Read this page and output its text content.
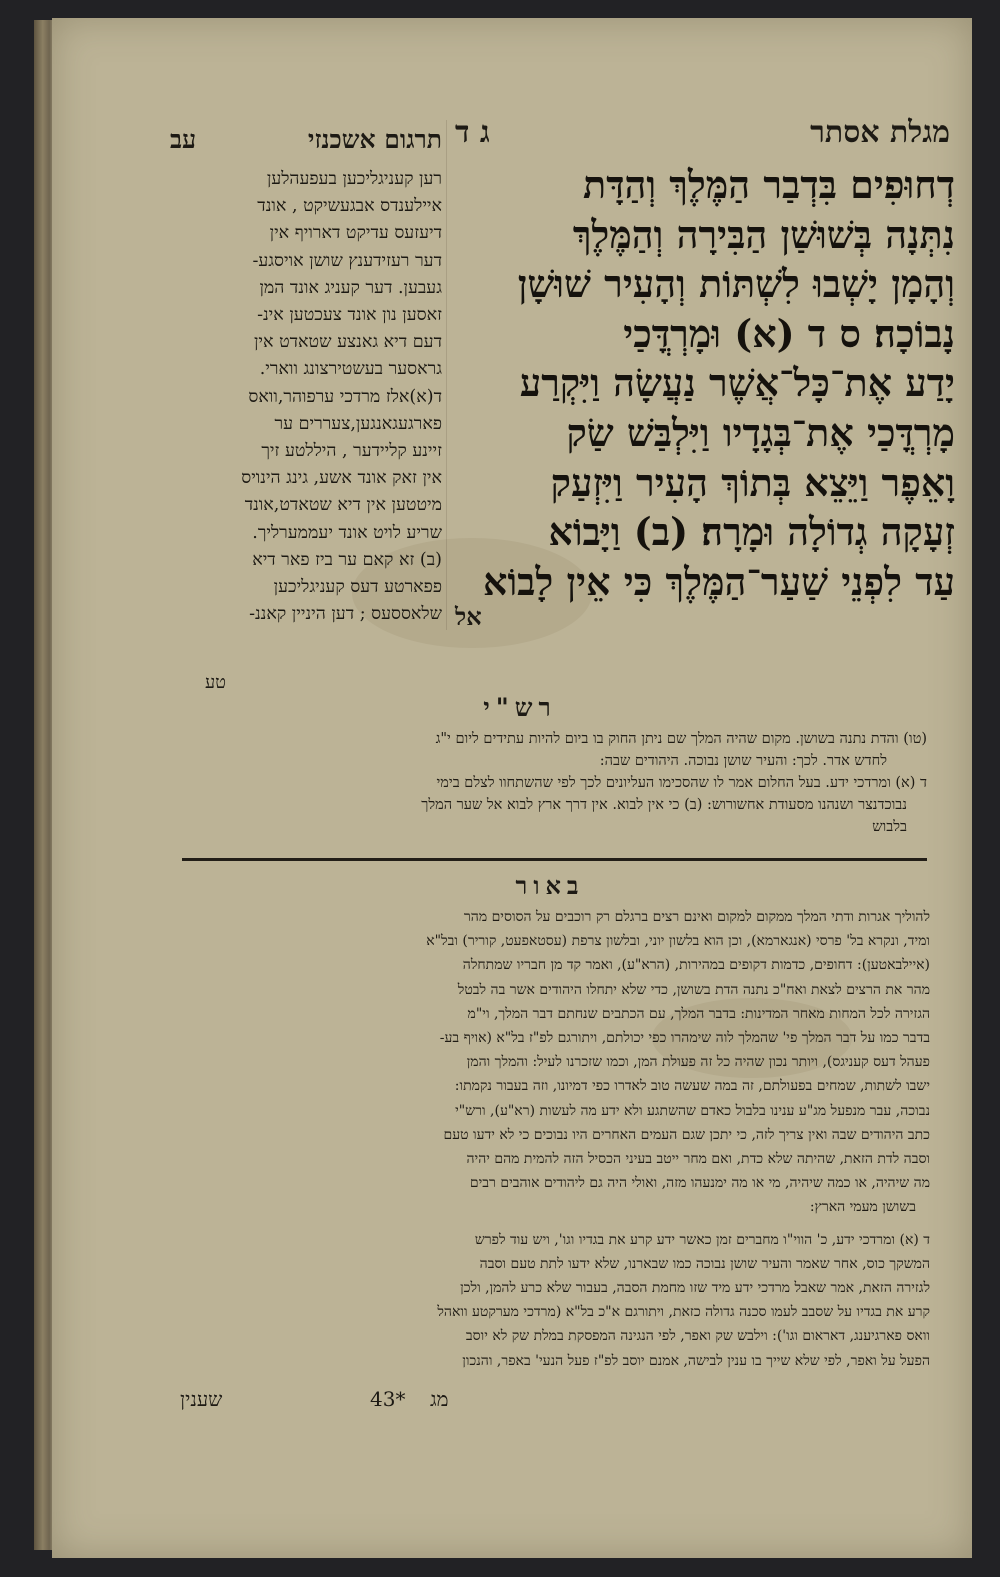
מגלת אסתר
ג ד
דְחוּפִים בִּדְבַר הַמֶּלֶךְ וְהַדָּת
נִתְּנָה בְּשׁוּשַׁן הַבִּירָה וְהַמֶּלֶךְ
וְהָמָן יָשְׁבוּ לִשְׁתּוֹת וְהָעִיר שׁוּשָׁן
נָבוֹכָה׃ ס ד (א) וּמָרְדֳּכַי
יָדַע אֶת־כָּל־אֲשֶׁר נַעֲשָׂה וַיִּקְרַע
מָרְדֳּכַי אֶת־בְּגָדָיו וַיִּלְבַּשׁ שַׂק
וָאֵפֶר וַיֵּצֵא בְּתוֹךְ הָעִיר וַיִּזְעַק
זְעָקָה גְדוֹלָה וּמָרָה׃ (ב) וַיָּבוֹא
עַד לִפְנֵי שַׁעַר־הַמֶּלֶךְ כִּי אֵין לָבוֹא
אל
תרגום אשכנזי
עב
רען קעניגליכען בעפעהלען
איילענדס אבגעשיקט , אונד
דיעזעס עדיקט דארויף אין
דער רעזידענץ שושן אויסגע-
געבען. דער קעניג אונד המן
זאסען נון אונד צעכטען אינ-
דעם דיא גאנצע שטאדט אין
גראסער בעשטירצונג ווארי.
ד(א)אלז מרדכי ערפוהר,וואס
פארגעגאנגען,צעררים ער
זיינע קליידער , היללטע זיך
אין זאק אונד אשע, גינג הינויס
מיטטען אין דיא שטאדט,אונד
שריע לויט אונד יעממערליך.
(ב) זא קאם ער ביז פאר דיא
פפארטע דעס קעניגליכען
שלאססעס ; דען היניין קאננ-
טע
רש"י
(טו) והדת נתנה בשושן. מקום שהיה המלך שם ניתן החוק בו ביום להיות עתידים ליום י"ג
לחדש אדר. לכך: והעיר שושן נבוכה. היהודים שבה:
ד (א) ומרדכי ידע. בעל החלום אמר לו שהסכימו העליונים לכך לפי שהשתחוו לצלם בימי
נבוכדנצר ושנהנו מסעודת אחשורוש: (ב) כי אין לבוא. אין דרך ארץ לבוא אל שער המלך
בלבוש
באור
להוליך אגרות ודתי המלך ממקום למקום ואינם רצים ברגלם רק רוכבים על הסוסים מהר
ומיד, ונקרא בל' פרסי (אנגארמא), וכן הוא בלשון יוני, ובלשון צרפת (עסטאפעט, קוריר) ובל"א
(איילבאטען): דחופים, כדמות דקופים במהירות, (הרא"ע), ואמר קד מן חבריו שמתחלה
מהר את הרצים לצאת ואח"כ נתנה הדת בשושן, כדי שלא יתחלו היהודים אשר בה לבטל
הגזירה לכל המחות מאחר המדינות: בדבר המלך, עם הכתבים שנחתם דבר המלך, וי"מ
בדבר כמו על דבר המלך פי' שהמלך לוה שימהרו כפי יכולתם, ויתורגם לפ"ז בל"א (אויף בע-
פעהל דעס קעניגס), ויותר נכון שהיה כל זה פעולת המן, וכמו שזכרנו לעיל: והמלך והמן
ישבו לשתות, שמחים בפעולתם, זה במה שעשה טוב לאדרו כפי דמיונו, וזה בעבור נקמתו:
נבוכה, עבר מנפעל מג"ע ענינו בלבול כאדם שהשתגע ולא ידע מה לעשות (רא"ע), ורש"י
כתב היהודים שבה ואין צריך לזה, כי יתכן שגם העמים האחרים היו נבוכים כי לא ידעו טעם
וסבה לדת הזאת, שהיתה שלא כדת, ואם מחר ייטב בעיני הכסיל הזה להמית מהם יהיה
מה שיהיה, או כמה שיהיה, מי או מה ימנעהו מזה, ואולי היה גם ליהודים אוהבים רבים
בשושן מעמי הארץ:
ד (א) ומרדכי ידע, כ' הווי"ו מחברים זמן כאשר ידע קרע את בגדיו וגו', ויש עוד לפרש
המשקך כוס, אחר שאמר והעיר שושן נבוכה כמו שבארנו, שלא ידעו לתת טעם וסבה
לגזירה הזאת, אמר שאבל מרדכי ידע מיד שזו מחמת הסבה, בעבור שלא כרע להמן, ולכן
קרע את בגדיו על שסבב לעמו סכנה גדולה כזאת, ויתורגם א"כ בל"א (מרדכי מערקטע וואהל
וואס פארגיענג, דאראום וגו'): וילבש שק ואפר, לפי הנגינה המפסקת במלת שק לא יוסב
הפעל על ואפר, לפי שלא שייך בו ענין לבישה, אמנם יוסב לפ"ז פעל הנעי' באפר, והנכון
שענין	43* מג
